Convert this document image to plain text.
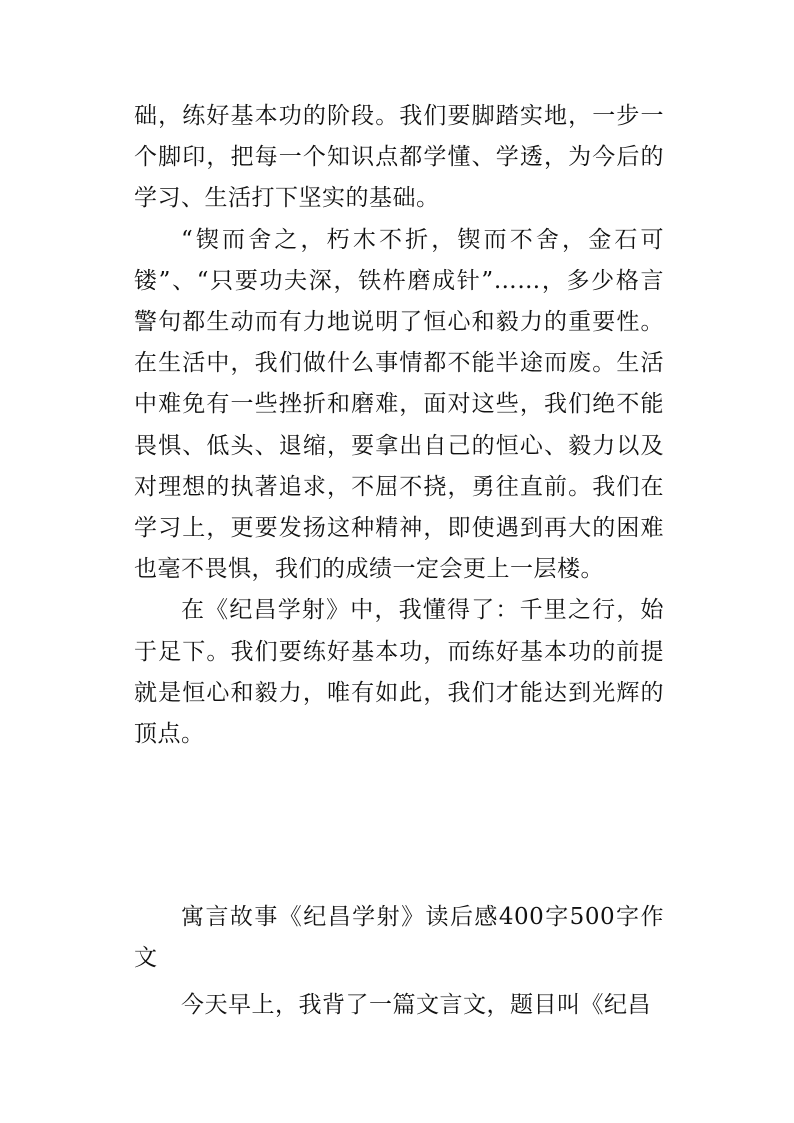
础，练好基本功的阶段。我们要脚踏实地，一步一个脚印，把每一个知识点都学懂、学透，为今后的学习、生活打下坚实的基础。

“锲而舍之，朽木不折，锲而不舍，金石可镂”、“只要功夫深，铁杵磨成针”……，多少格言警句都生动而有力地说明了恒心和毅力的重要性。在生活中，我们做什么事情都不能半途而废。生活中难免有一些挫折和磨难，面对这些，我们绝不能畏惧、低头、退缩，要拿出自己的恒心、毅力以及对理想的执著追求，不屈不挠，勇往直前。我们在学习上，更要发扬这种精神，即使遇到再大的困难也毫不畏惧，我们的成绩一定会更上一层楼。

在《纪昌学射》中，我懂得了：千里之行，始于足下。我们要练好基本功，而练好基本功的前提就是恒心和毅力，唯有如此，我们才能达到光辉的顶点。

寓言故事《纪昌学射》读后感400字500字作文

今天早上，我背了一篇文言文，题目叫《纪昌
